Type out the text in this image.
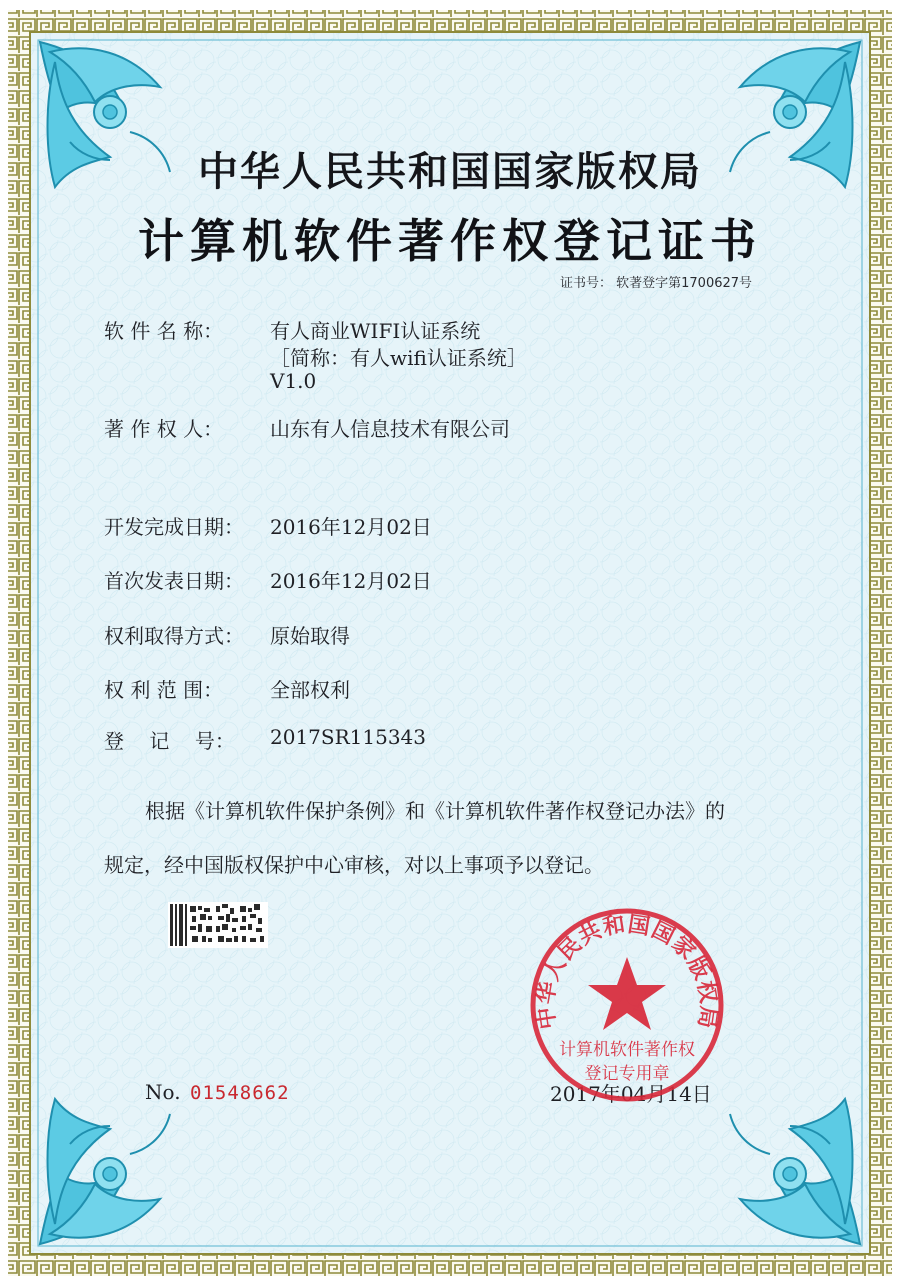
中华人民共和国国家版权局
计算机软件著作权登记证书
证书号： 软著登字第1700627号
软 件 名 称： 有人商业WIFI认证系统
［简称：有人wifi认证系统］
V1.0
著 作 权 人： 山东有人信息技术有限公司
开发完成日期： 2016年12月02日
首次发表日期： 2016年12月02日
权利取得方式： 原始取得
权 利 范 围： 全部权利
登    记    号： 2017SR115343
根据《计算机软件保护条例》和《计算机软件著作权登记办法》的
规定，经中国版权保护中心审核，对以上事项予以登记。
No. 01548662	2017年04月14日
中华人民共和国国家版权局
计算机软件著作权
登记专用章
